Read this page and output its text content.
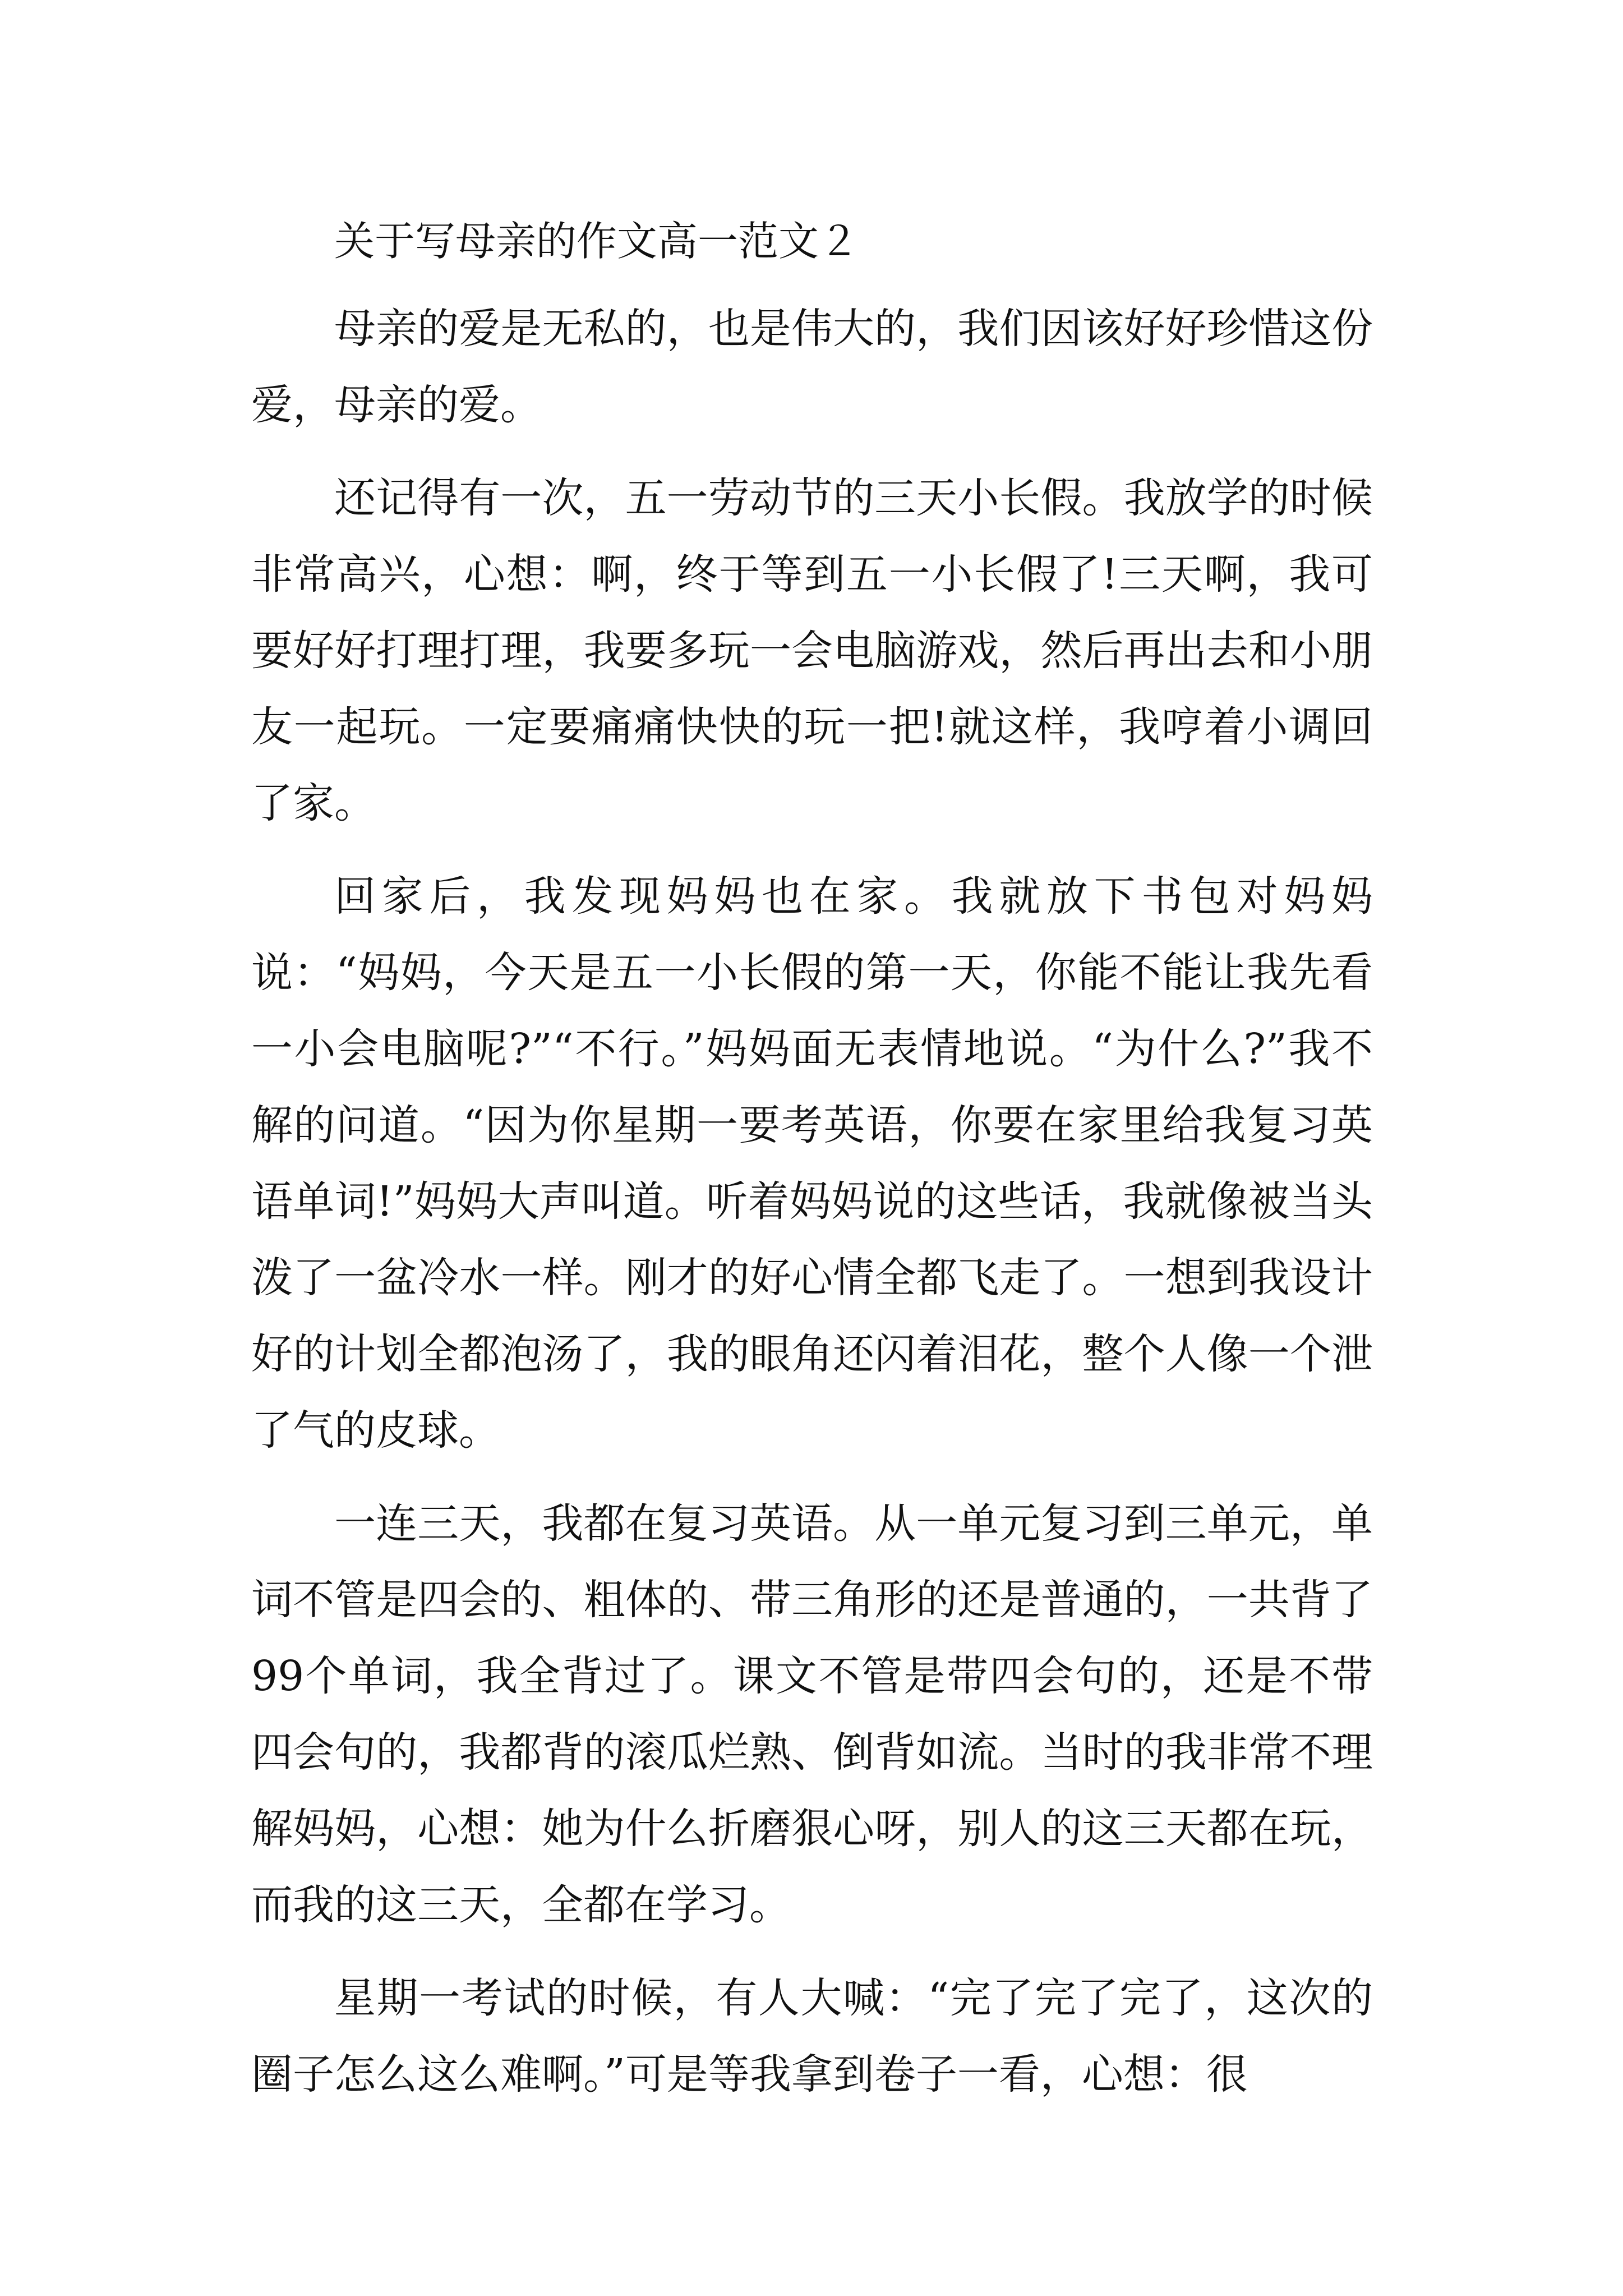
关于写母亲的作文高一范文２

母亲的爱是无私的，也是伟大的，我们因该好好珍惜这份爱，母亲的爱。

还记得有一次，五一劳动节的三天小长假。我放学的时候非常高兴，心想：啊，终于等到五一小长假了!三天啊，我可要好好打理打理，我要多玩一会电脑游戏，然后再出去和小朋友一起玩。一定要痛痛快快的玩一把!就这样，我哼着小调回了家。

回家后，我发现妈妈也在家。我就放下书包对妈妈说：“妈妈，今天是五一小长假的第一天，你能不能让我先看一小会电脑呢?”“不行。”妈妈面无表情地说。“为什么?”我不解的问道。“因为你星期一要考英语，你要在家里给我复习英语单词!”妈妈大声叫道。听着妈妈说的这些话，我就像被当头泼了一盆冷水一样。刚才的好心情全都飞走了。一想到我设计好的计划全都泡汤了，我的眼角还闪着泪花，整个人像一个泄了气的皮球。

一连三天，我都在复习英语。从一单元复习到三单元，单词不管是四会的、粗体的、带三角形的还是普通的，一共背了99个单词，我全背过了。课文不管是带四会句的，还是不带四会句的，我都背的滚瓜烂熟、倒背如流。当时的我非常不理解妈妈，心想：她为什么折磨狠心呀，别人的这三天都在玩，而我的这三天，全都在学习。

星期一考试的时候，有人大喊：“完了完了完了，这次的圈子怎么这么难啊。”可是等我拿到卷子一看，心想：很
